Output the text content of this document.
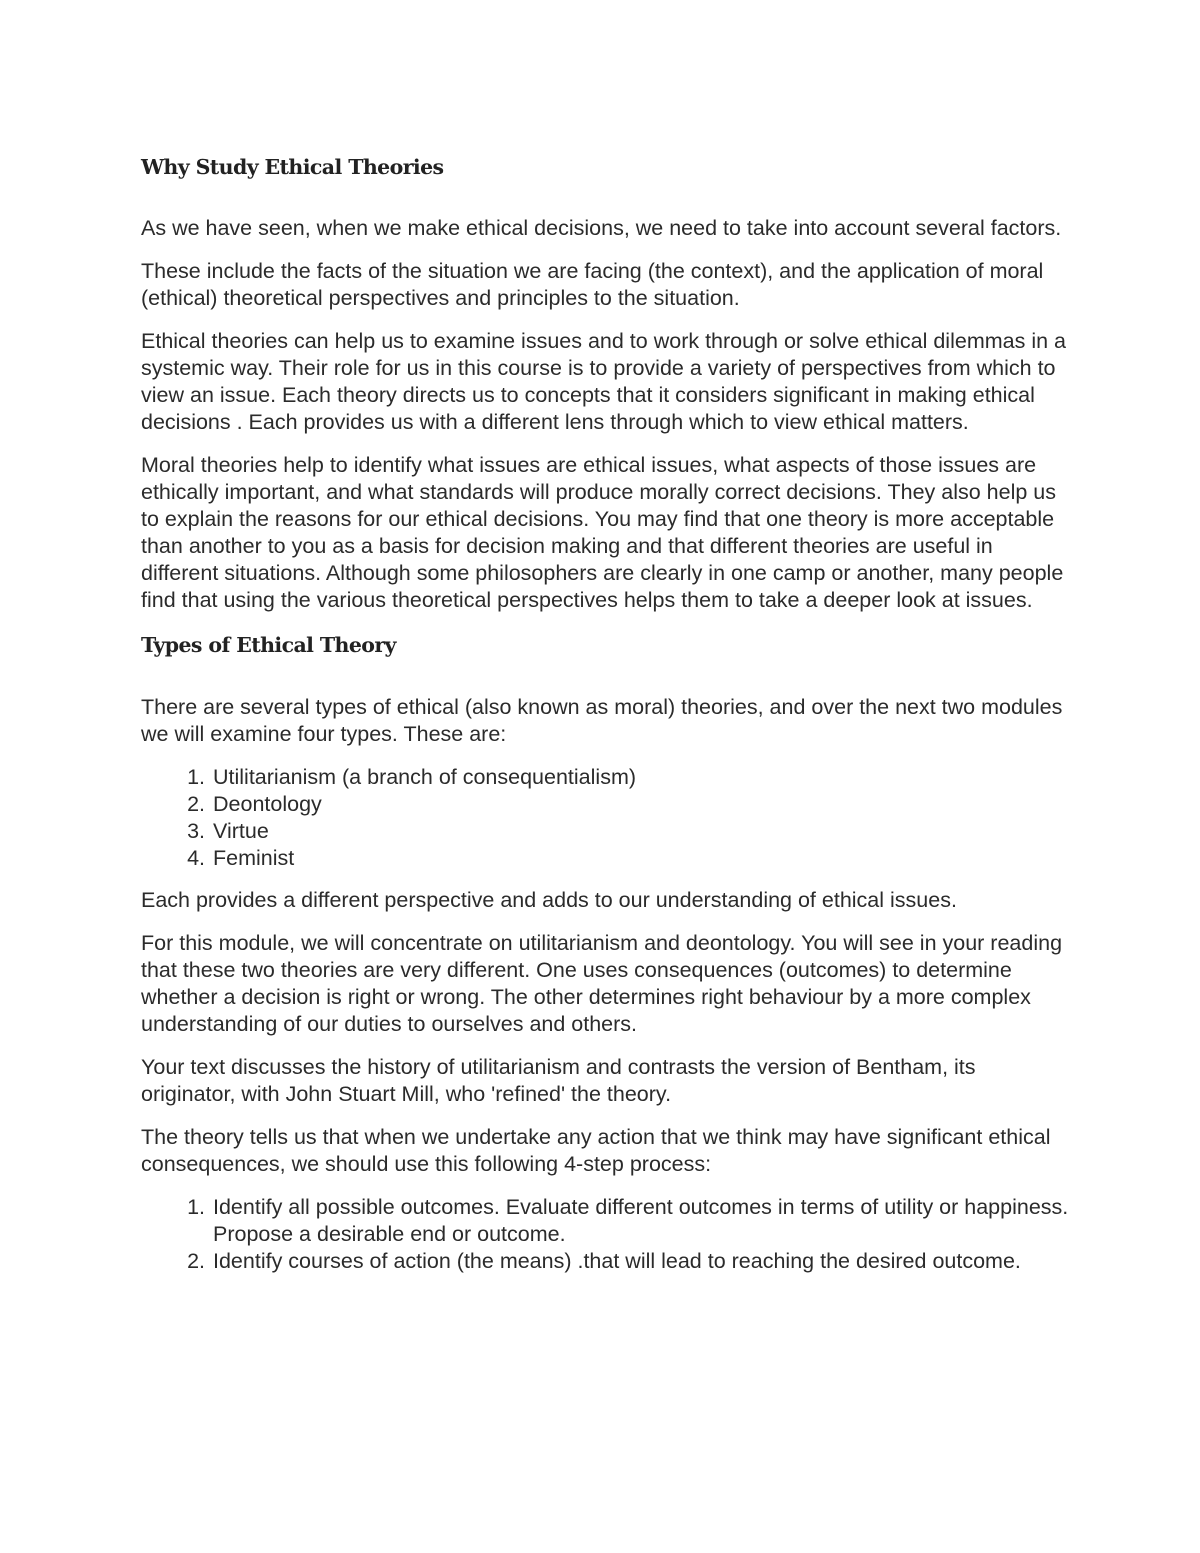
Why Study Ethical Theories

As we have seen, when we make ethical decisions, we need to take into account several factors.

These include the facts of the situation we are facing (the context), and the application of moral (ethical) theoretical perspectives and principles to the situation.

Ethical theories can help us to examine issues and to work through or solve ethical dilemmas in a systemic way. Their role for us in this course is to provide a variety of perspectives from which to view an issue. Each theory directs us to concepts that it considers significant in making ethical decisions . Each provides us with a different lens through which to view ethical matters.

Moral theories help to identify what issues are ethical issues, what aspects of those issues are ethically important, and what standards will produce morally correct decisions. They also help us to explain the reasons for our ethical decisions. You may find that one theory is more acceptable than another to you as a basis for decision making and that different theories are useful in different situations. Although some philosophers are clearly in one camp or another, many people find that using the various theoretical perspectives helps them to take a deeper look at issues.

Types of Ethical Theory

There are several types of ethical (also known as moral) theories, and over the next two modules we will examine four types. These are:

1. Utilitarianism (a branch of consequentialism)
2. Deontology
3. Virtue
4. Feminist

Each provides a different perspective and adds to our understanding of ethical issues.

For this module, we will concentrate on utilitarianism and deontology. You will see in your reading that these two theories are very different. One uses consequences (outcomes) to determine whether a decision is right or wrong. The other determines right behaviour by a more complex understanding of our duties to ourselves and others.

Your text discusses the history of utilitarianism and contrasts the version of Bentham, its originator, with John Stuart Mill, who 'refined' the theory.

The theory tells us that when we undertake any action that we think may have significant ethical consequences, we should use this following 4-step process:

1. Identify all possible outcomes. Evaluate different outcomes in terms of utility or happiness. Propose a desirable end or outcome.
2. Identify courses of action (the means) .that will lead to reaching the desired outcome.
